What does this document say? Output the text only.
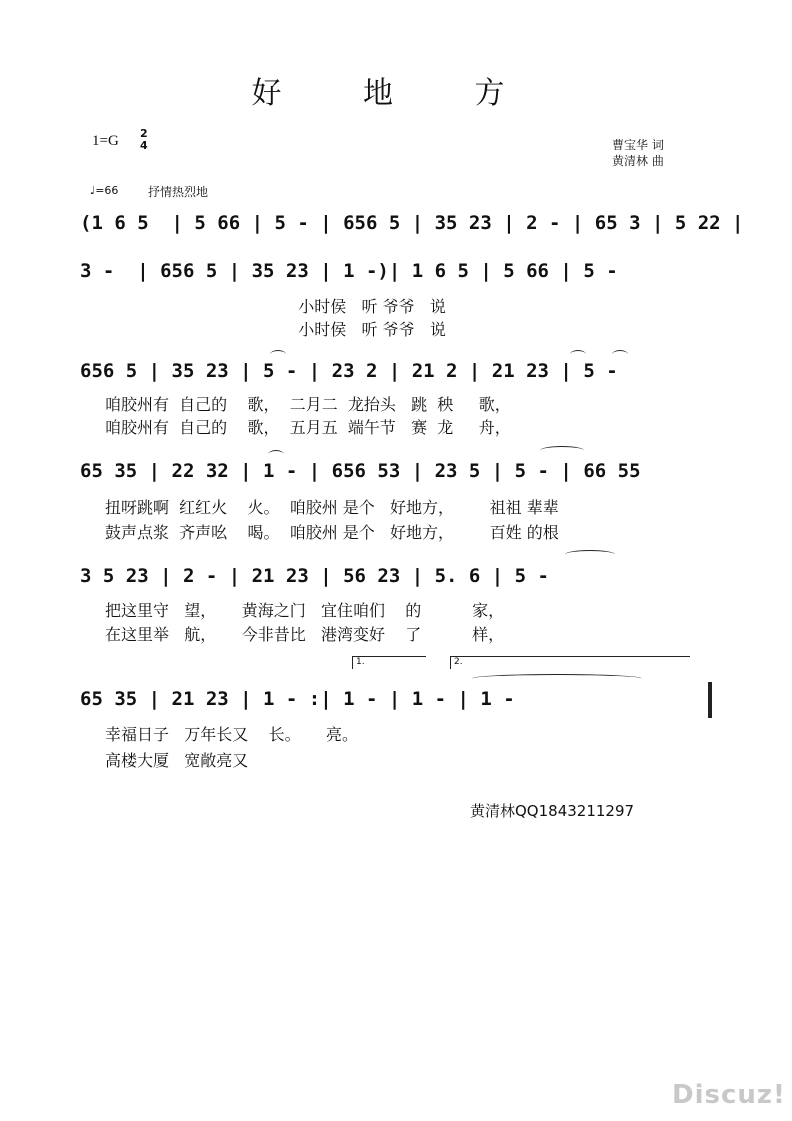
好 地 方
1=G 2
4	曹宝华 词
黄清林 曲
♩=66 抒情热烈地
(1 6 5  | 5 66 | 5 - | 656 5 | 35 23 | 2 - | 65 3 | 5 22 |
3 -  | 656 5 | 35 23 | 1 -)| 1 6 5 | 5 66 | 5 -
小时侯   听 爷爷   说
小时侯   听 爷爷   说
656 5 | 35 23 | 5 - | 23 2 | 21 2 | 21 23 | 5 -
咱胶州有  自己的    歌，  二月二  龙抬头   跳  秧     歌，
咱胶州有  自己的    歌，  五月五  端午节   赛  龙     舟，
65 35 | 22 32 | 1 - | 656 53 | 23 5 | 5 - | 66 55
扭呀跳啊  红红火    火。  咱胶州 是个   好地方，       祖祖 辈辈
鼓声点浆  齐声吆    喝。  咱胶州 是个   好地方，       百姓 的根
3 5 23 | 2 - | 21 23 | 56 23 | 5. 6 | 5 -
把这里守   望，     黄海之门   宜住咱们    的          家，
在这里举   航，     今非昔比   港湾变好    了          样，
1.	2.
65 35 | 21 23 | 1 - :| 1 - | 1 - | 1 -
幸福日子   万年长又    长。     亮。
高楼大厦   宽敞亮又
黄清林QQ1843211297
Discuz!
